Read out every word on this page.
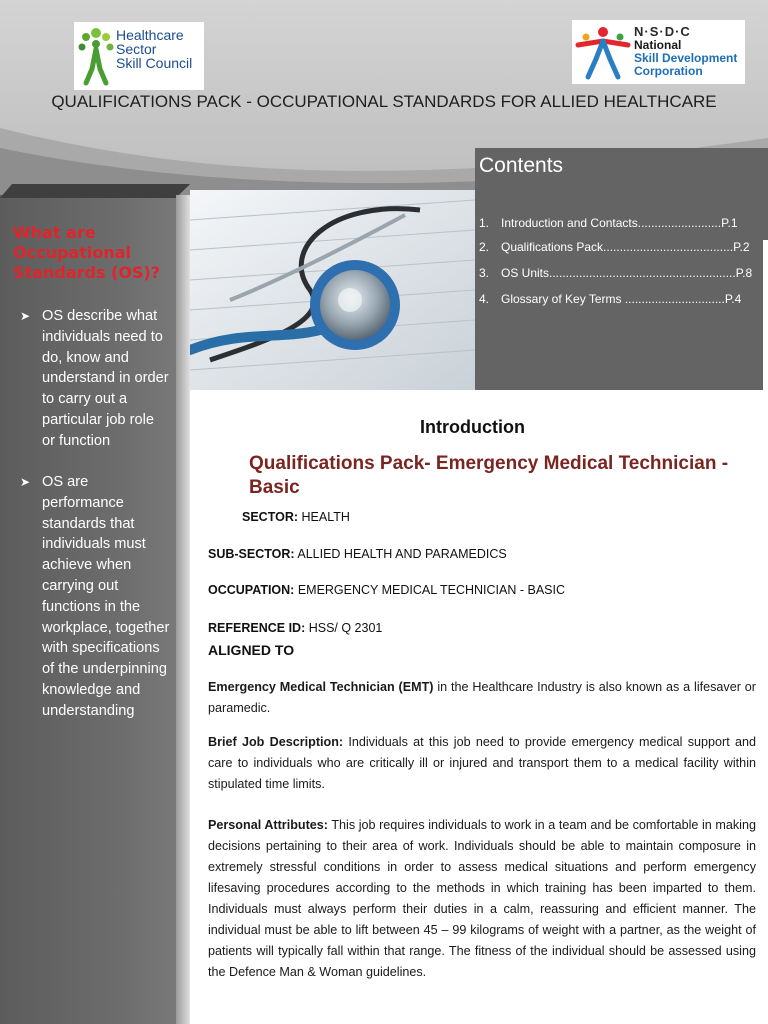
Healthcare
Sector
Skill Council
N·S·D·C
National
Skill Development
Corporation
QUALIFICATIONS PACK - OCCUPATIONAL STANDARDS FOR ALLIED HEALTHCARE
What are Occupational Standards (OS)?
➤ OS describe what individuals need to do, know and understand in order to carry out a particular job role or function
➤ OS are performance standards that individuals must achieve when carrying out functions in the workplace, together with specifications of the underpinning knowledge and understanding
Contents
1. Introduction and Contacts.........................P.1
2. Qualifications Pack.......................................P.2
3. OS Units........................................................P.8
4. Glossary of Key Terms ..............................P.4
Introduction
Qualifications Pack- Emergency Medical Technician - Basic
SECTOR: HEALTH
SUB-SECTOR: ALLIED HEALTH AND PARAMEDICS
OCCUPATION: EMERGENCY MEDICAL TECHNICIAN - BASIC
REFERENCE ID: HSS/ Q 2301
ALIGNED TO
Emergency Medical Technician (EMT) in the Healthcare Industry is also known as a lifesaver or paramedic.
Brief Job Description: Individuals at this job need to provide emergency medical support and care to individuals who are critically ill or injured and transport them to a medical facility within stipulated time limits.
Personal Attributes: This job requires individuals to work in a team and be comfortable in making decisions pertaining to their area of work. Individuals should be able to maintain composure in extremely stressful conditions in order to assess medical situations and perform emergency lifesaving procedures according to the methods in which training has been imparted to them. Individuals must always perform their duties in a calm, reassuring and efficient manner. The individual must be able to lift between 45 – 99 kilograms of weight with a partner, as the weight of patients will typically fall within that range. The fitness of the individual should be assessed using the Defence Man & Woman guidelines.
